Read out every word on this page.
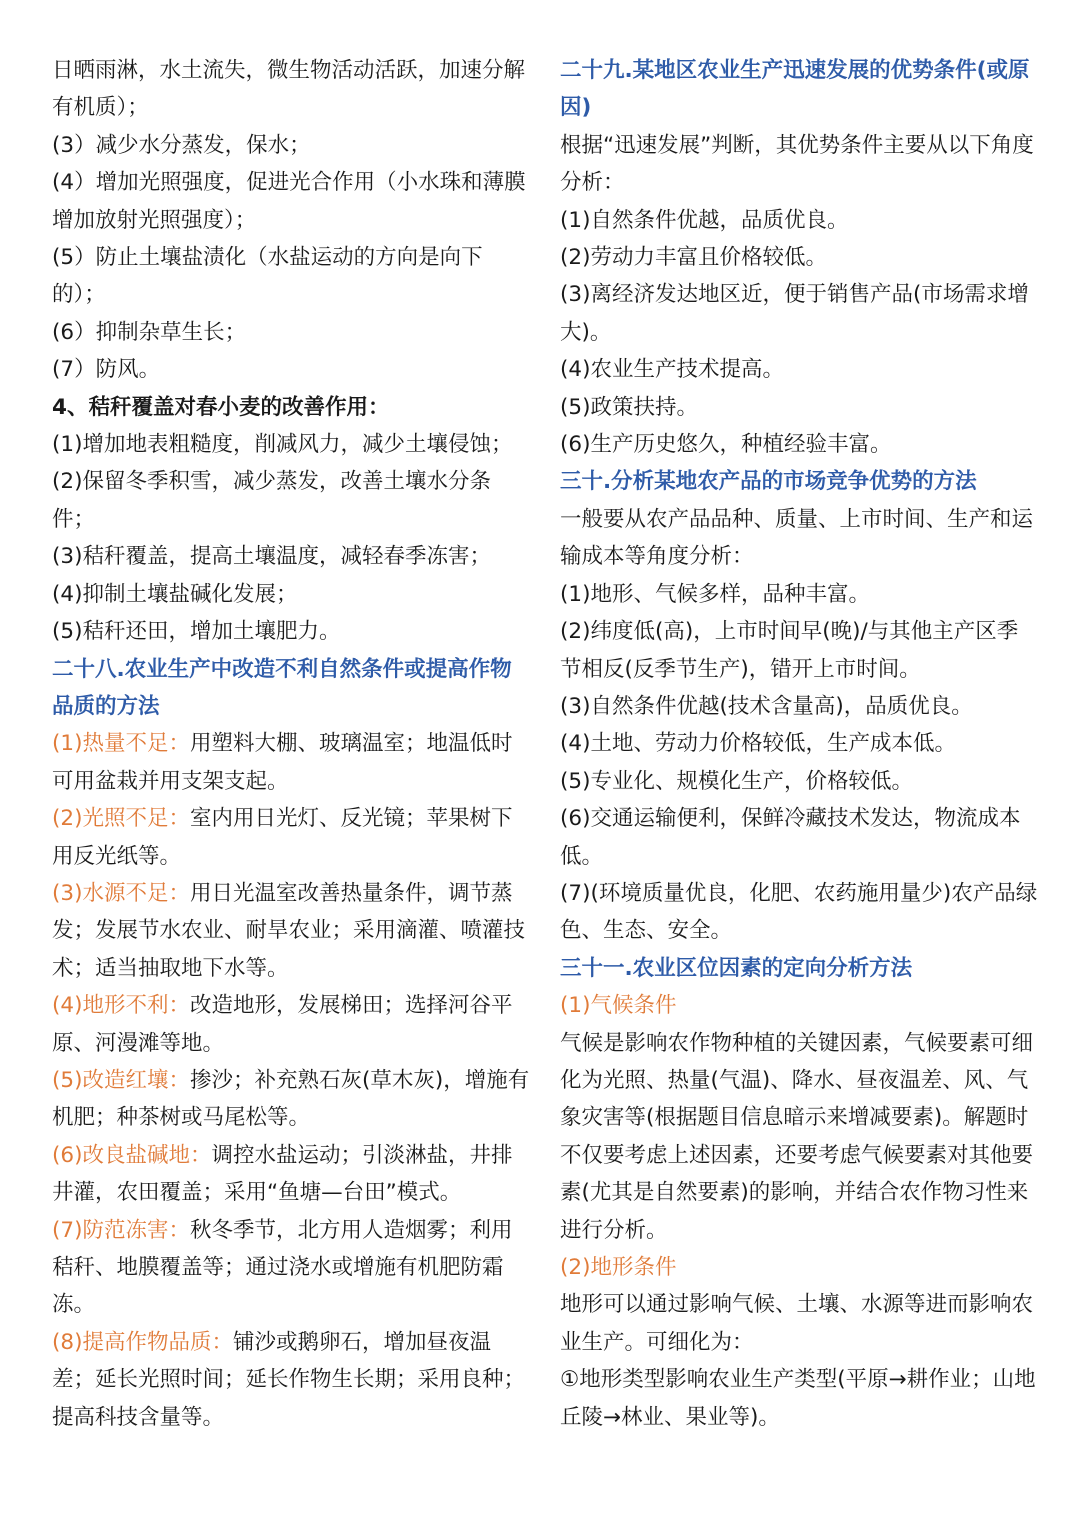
日晒雨淋，水土流失，微生物活动活跃，加速分解有机质）；

(3）减少水分蒸发，保水；

(4）增加光照强度，促进光合作用（小水珠和薄膜增加放射光照强度）；

(5）防止土壤盐渍化（水盐运动的方向是向下的）；

(6）抑制杂草生长；

(7）防风。

4、秸秆覆盖对春小麦的改善作用：

(1)增加地表粗糙度，削减风力，减少土壤侵蚀；

(2)保留冬季积雪，减少蒸发，改善土壤水分条件；

(3)秸秆覆盖，提高土壤温度，减轻春季冻害；

(4)抑制土壤盐碱化发展；

(5)秸秆还田，增加土壤肥力。

二十八.农业生产中改造不利自然条件或提高作物品质的方法

(1)热量不足：用塑料大棚、玻璃温室；地温低时可用盆栽并用支架支起。

(2)光照不足：室内用日光灯、反光镜；苹果树下用反光纸等。

(3)水源不足：用日光温室改善热量条件，调节蒸发；发展节水农业、耐旱农业；采用滴灌、喷灌技术；适当抽取地下水等。

(4)地形不利：改造地形，发展梯田；选择河谷平原、河漫滩等地。

(5)改造红壤：掺沙；补充熟石灰(草木灰)，增施有机肥；种茶树或马尾松等。

(6)改良盐碱地：调控水盐运动；引淡淋盐，井排井灌，农田覆盖；采用“鱼塘—台田”模式。

(7)防范冻害：秋冬季节，北方用人造烟雾；利用秸秆、地膜覆盖等；通过浇水或增施有机肥防霜冻。

(8)提高作物品质：铺沙或鹅卵石，增加昼夜温差；延长光照时间；延长作物生长期；采用良种；提高科技含量等。

二十九.某地区农业生产迅速发展的优势条件(或原因)

根据“迅速发展”判断，其优势条件主要从以下角度分析：

(1)自然条件优越，品质优良。

(2)劳动力丰富且价格较低。

(3)离经济发达地区近，便于销售产品(市场需求增大)。

(4)农业生产技术提高。

(5)政策扶持。

(6)生产历史悠久，种植经验丰富。

三十.分析某地农产品的市场竞争优势的方法

一般要从农产品品种、质量、上市时间、生产和运输成本等角度分析：

(1)地形、气候多样，品种丰富。

(2)纬度低(高)，上市时间早(晚)/与其他主产区季节相反(反季节生产)，错开上市时间。

(3)自然条件优越(技术含量高)，品质优良。

(4)土地、劳动力价格较低，生产成本低。

(5)专业化、规模化生产，价格较低。

(6)交通运输便利，保鲜冷藏技术发达，物流成本低。

(7)(环境质量优良，化肥、农药施用量少)农产品绿色、生态、安全。

三十一.农业区位因素的定向分析方法

(1)气候条件

气候是影响农作物种植的关键因素，气候要素可细化为光照、热量(气温)、降水、昼夜温差、风、气象灾害等(根据题目信息暗示来增减要素)。解题时不仅要考虑上述因素，还要考虑气候要素对其他要素(尤其是自然要素)的影响，并结合农作物习性来进行分析。

(2)地形条件

地形可以通过影响气候、土壤、水源等进而影响农业生产。可细化为：

①地形类型影响农业生产类型(平原→耕作业；山地丘陵→林业、果业等)。
